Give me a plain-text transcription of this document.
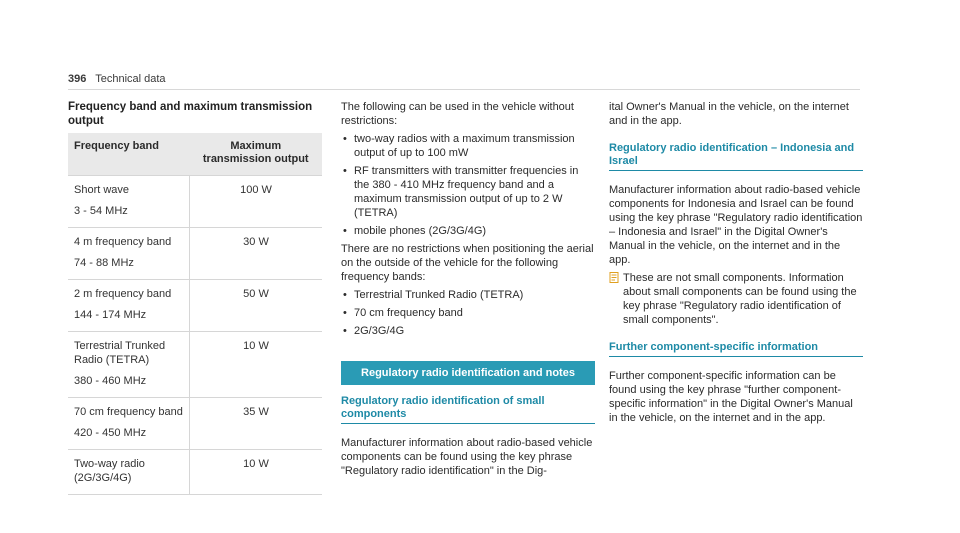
396 Technical data
Frequency band and maximum transmission output
Frequency band	Maximum transmission output
Short wave
3 - 54 MHz	100 W
4 m frequency band
74 - 88 MHz	30 W
2 m frequency band
144 - 174 MHz	50 W
Terrestrial Trunked Radio (TETRA)
380 - 460 MHz	10 W
70 cm frequency band
420 - 450 MHz	35 W
Two-way radio (2G/3G/4G)	10 W

The following can be used in the vehicle without restrictions:

• two-way radios with a maximum transmission output of up to 100 mW
• RF transmitters with transmitter frequencies in the 380 - 410 MHz frequency band and a maximum transmission output of up to 2 W (TETRA)
• mobile phones (2G/3G/4G)

There are no restrictions when positioning the aerial on the outside of the vehicle for the following frequency bands:

• Terrestrial Trunked Radio (TETRA)
• 70 cm frequency band
• 2G/3G/4G
Regulatory radio identification and notes
Regulatory radio identification of small components

Manufacturer information about radio-based vehicle components can be found using the key phrase "Regulatory radio identification" in the Dig-

ital Owner's Manual in the vehicle, on the internet and in the app.

Regulatory radio identification – Indonesia and Israel

Manufacturer information about radio-based vehicle components for Indonesia and Israel can be found using the key phrase "Regulatory radio identification – Indonesia and Israel" in the Digital Owner's Manual in the vehicle, on the internet and in the app.

These are not small components. Information about small components can be found using the key phrase "Regulatory radio identification of small components".
Further component-specific information

Further component-specific information can be found using the key phrase "further component-specific information" in the Digital Owner's Manual in the vehicle, on the internet and in the app.
